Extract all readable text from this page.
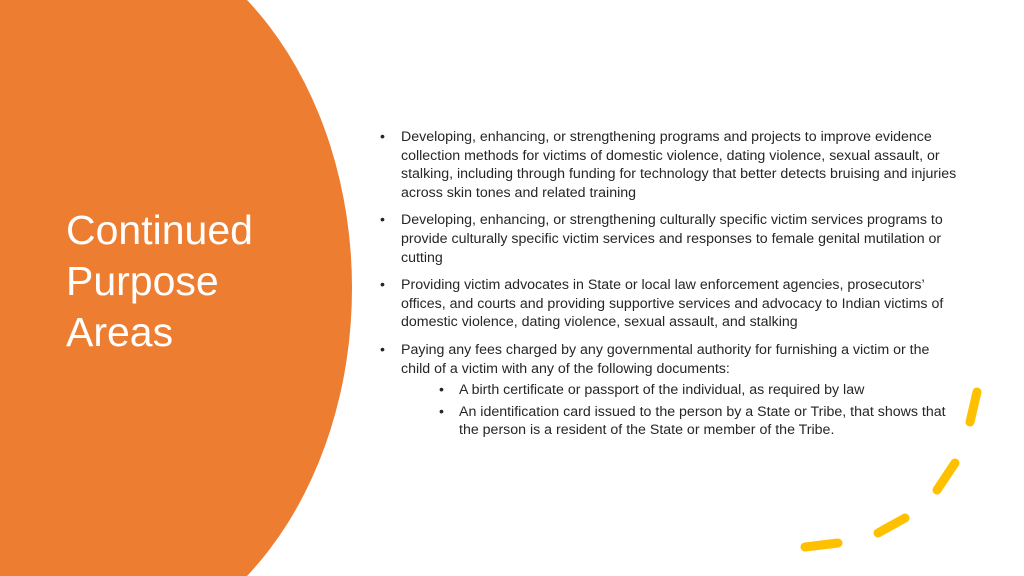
Continued
Purpose
Areas
• Developing, enhancing, or strengthening programs and projects to improve evidence collection methods for victims of domestic violence, dating violence, sexual assault, or stalking, including through funding for technology that better detects bruising and injuries across skin tones and related training
• Developing, enhancing, or strengthening culturally specific victim services programs to provide culturally specific victim services and responses to female genital mutilation or cutting
• Providing victim advocates in State or local law enforcement agencies, prosecutors’ offices, and courts and providing supportive services and advocacy to Indian victims of domestic violence, dating violence, sexual assault, and stalking
• Paying any fees charged by any governmental authority for furnishing a victim or the child of a victim with any of the following documents:
• A birth certificate or passport of the individual, as required by law
• An identification card issued to the person by a State or Tribe, that shows that the person is a resident of the State or member of the Tribe.
